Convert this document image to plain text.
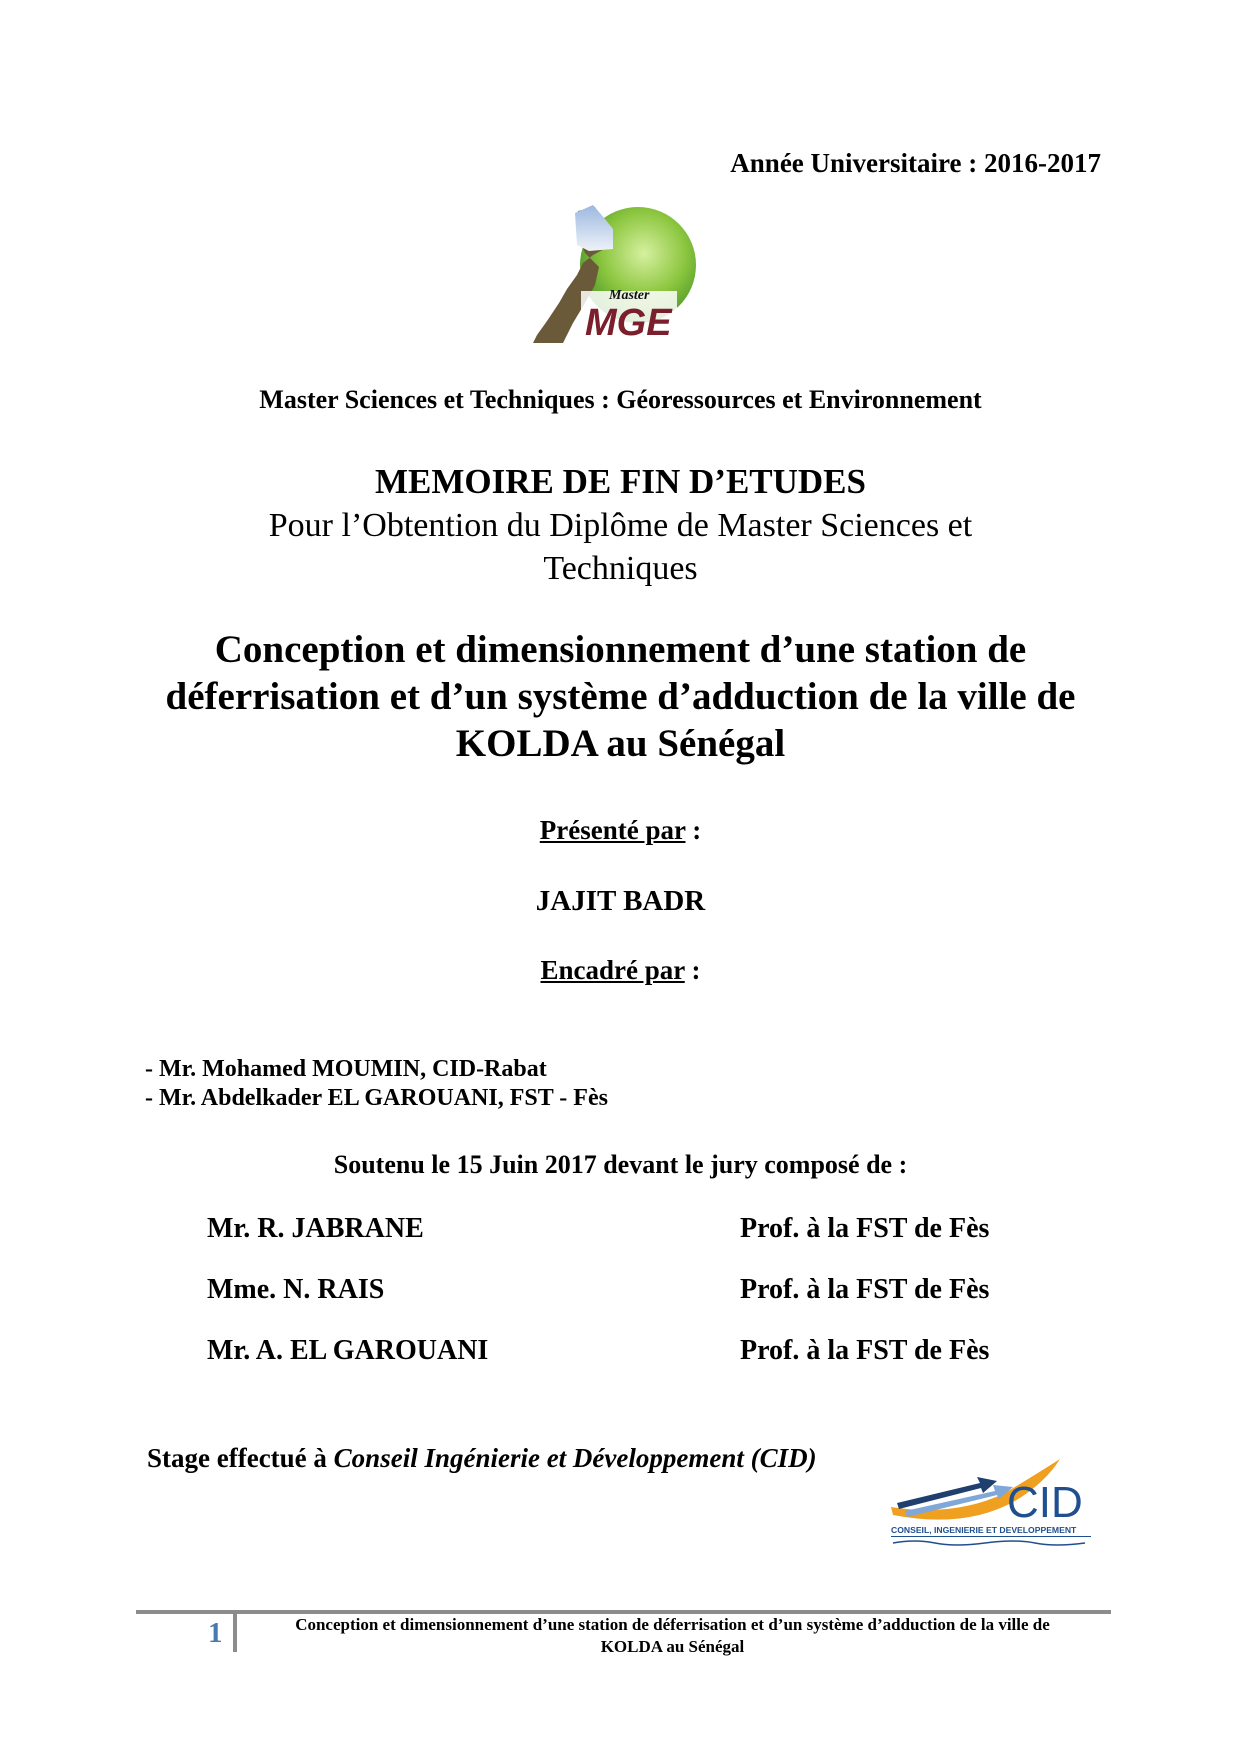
Année Universitaire : 2016-2017
Master
MGE
Master Sciences et Techniques : Géoressources et Environnement
MEMOIRE DE FIN D’ETUDES
Pour l’Obtention du Diplôme de Master Sciences et
Techniques
Conception et dimensionnement d’une station de
déferrisation et d’un système d’adduction de la ville de
KOLDA au Sénégal
Présenté par :
JAJIT BADR
Encadré par :
- Mr. Mohamed MOUMIN, CID-Rabat
- Mr. Abdelkader EL GAROUANI, FST - Fès
Soutenu le 15 Juin 2017 devant le jury composé de :
Mr. R. JABRANE	Prof. à la FST de Fès
Mme. N. RAIS	Prof. à la FST de Fès
Mr. A. EL GAROUANI	Prof. à la FST de Fès
Stage effectué à Conseil Ingénierie et Développement (CID)
CID
CONSEIL, INGENIERIE ET DEVELOPPEMENT
1	Conception et dimensionnement d’une station de déferrisation et d’un système d’adduction de la ville de
KOLDA au Sénégal
